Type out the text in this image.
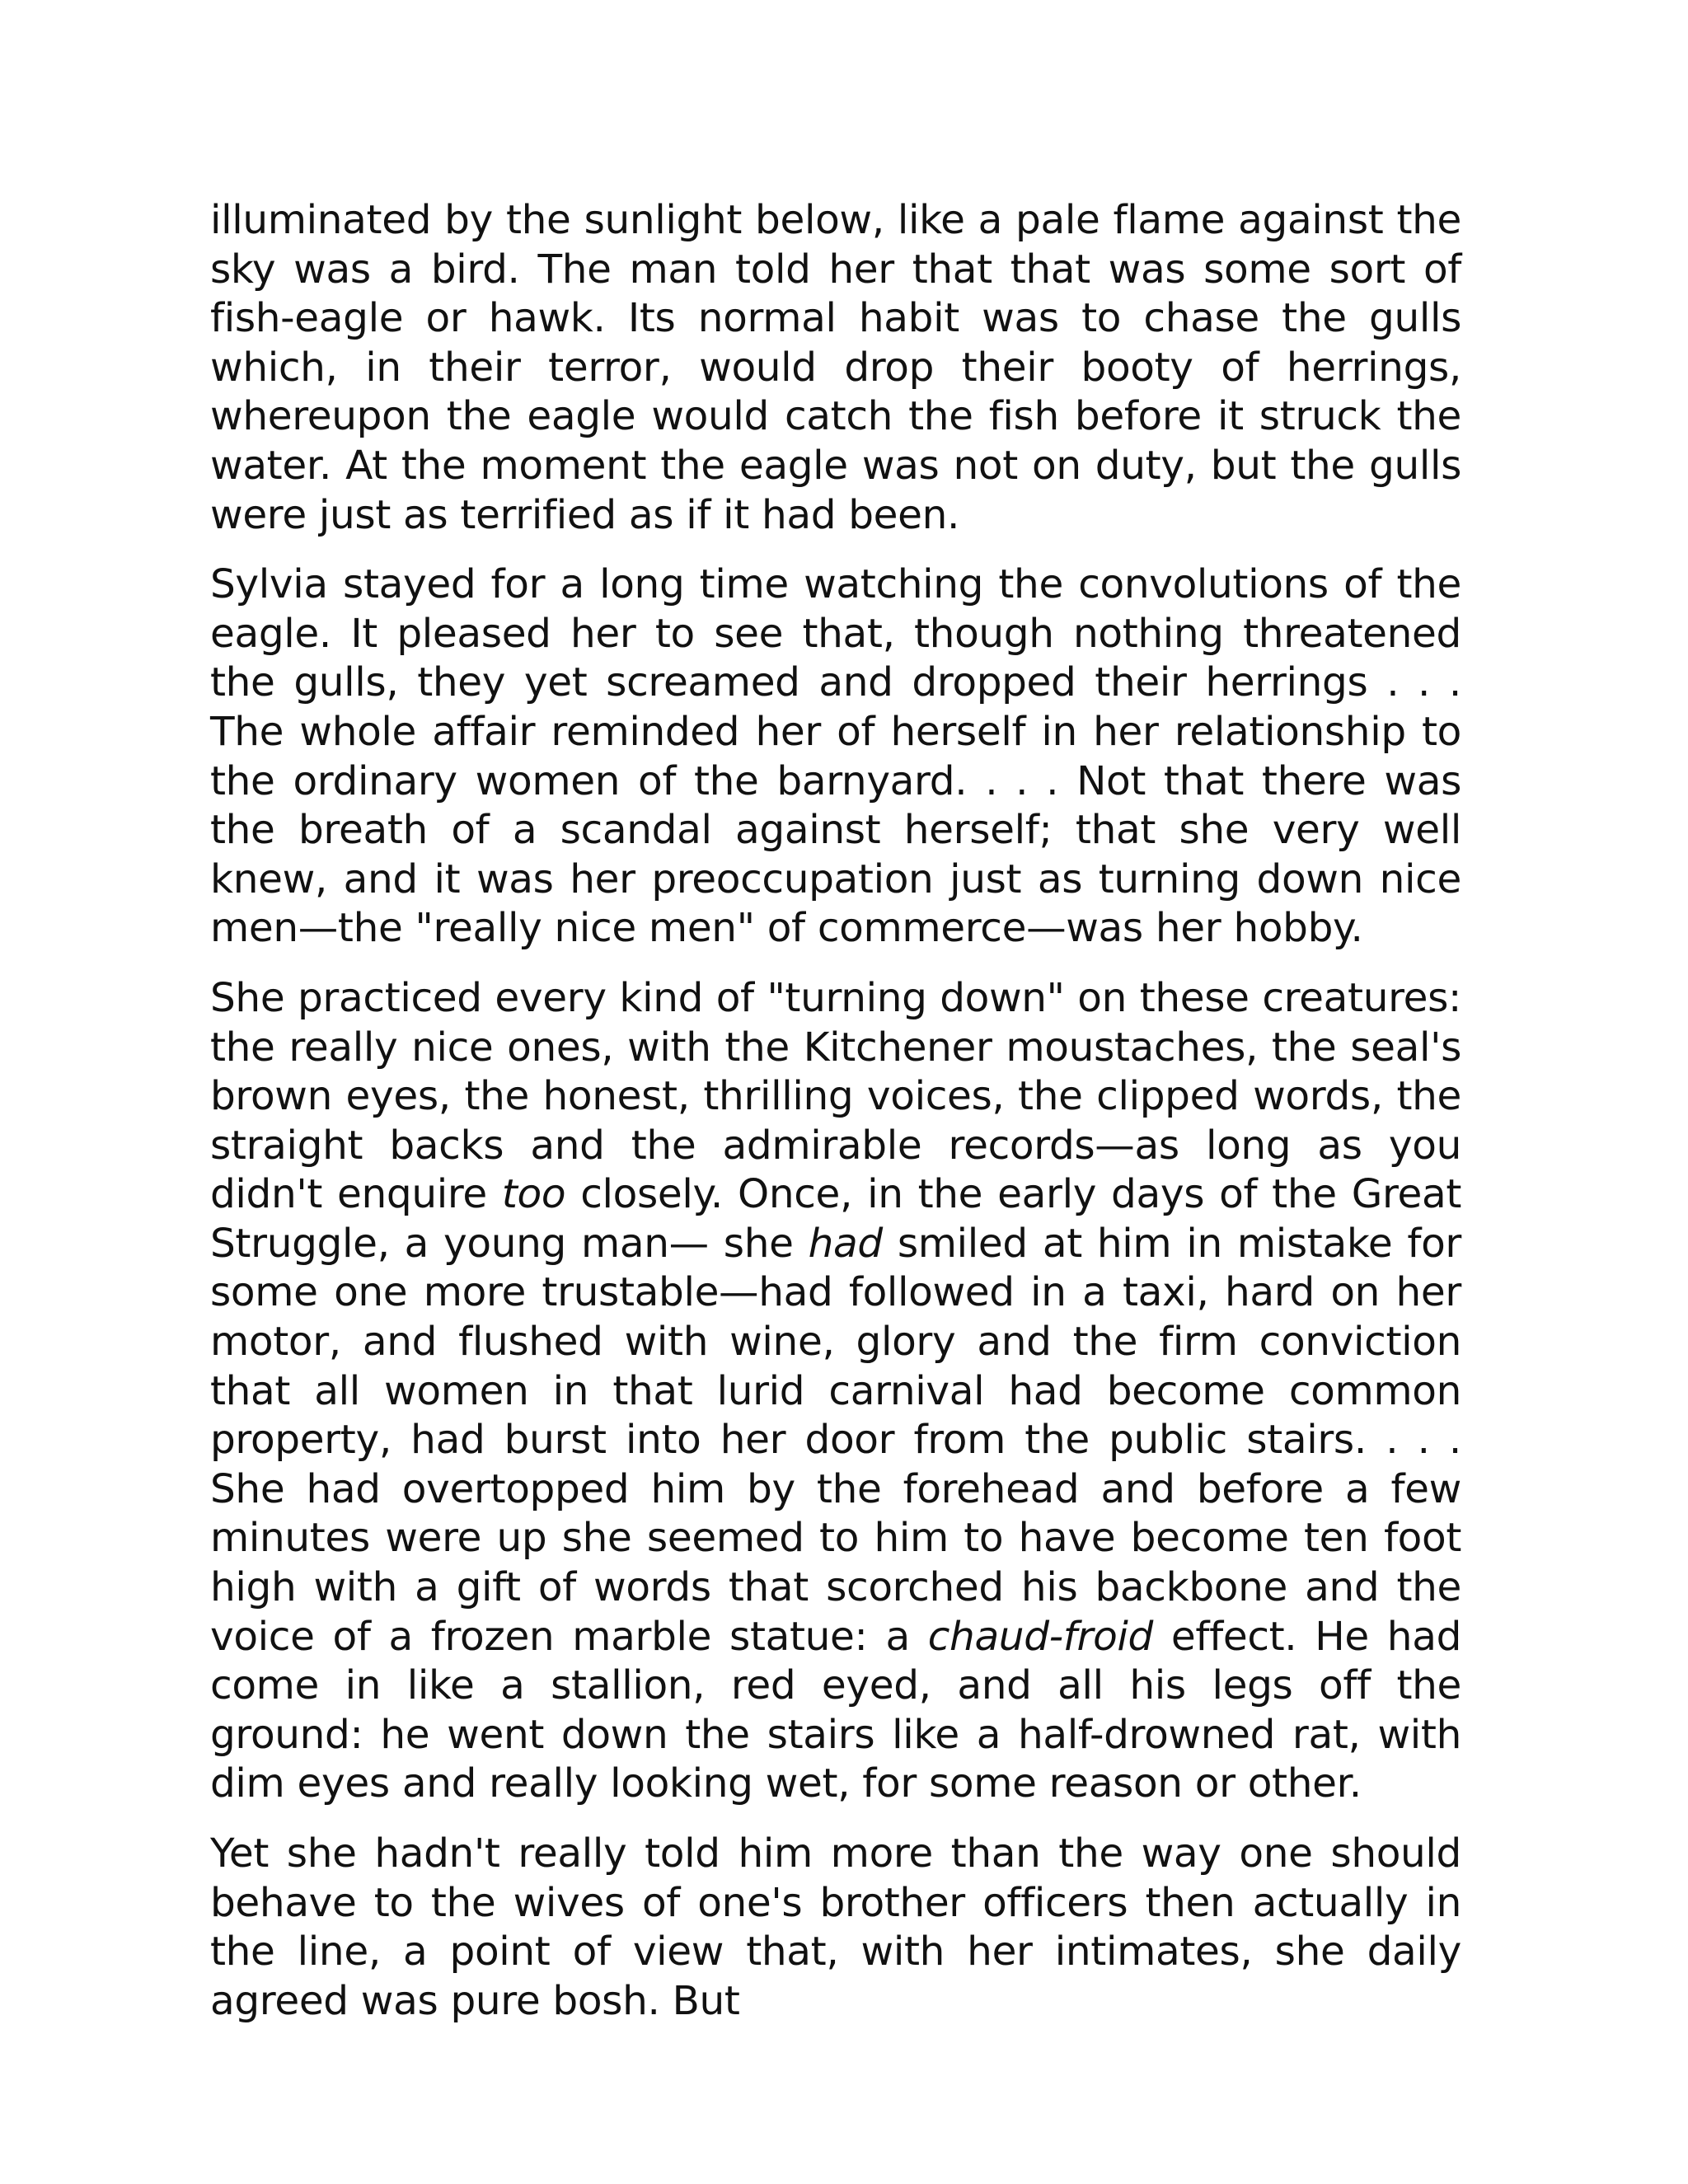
illuminated by the sunlight below, like a pale flame against the sky was a bird. The man told her that that was some sort of fish-eagle or hawk. Its normal habit was to chase the gulls which, in their terror, would drop their booty of herrings, whereupon the eagle would catch the fish before it struck the water. At the moment the eagle was not on duty, but the gulls were just as terrified as if it had been.

Sylvia stayed for a long time watching the convolutions of the eagle. It pleased her to see that, though nothing threatened the gulls, they yet screamed and dropped their herrings . . . The whole affair reminded her of herself in her relationship to the ordinary women of the barnyard. . . . Not that there was the breath of a scandal against herself; that she very well knew, and it was her preoccupation just as turning down nice men—the "really nice men" of commerce—was her hobby.

She practiced every kind of "turning down" on these creatures: the really nice ones, with the Kitchener moustaches, the seal's brown eyes, the honest, thrilling voices, the clipped words, the straight backs and the admirable records—as long as you didn't enquire too closely. Once, in the early days of the Great Struggle, a young man— she had smiled at him in mistake for some one more trustable—had followed in a taxi, hard on her motor, and flushed with wine, glory and the firm conviction that all women in that lurid carnival had become common property, had burst into her door from the public stairs. . . . She had overtopped him by the forehead and before a few minutes were up she seemed to him to have become ten foot high with a gift of words that scorched his backbone and the voice of a frozen marble statue: a chaud-froid effect. He had come in like a stallion, red eyed, and all his legs off the ground: he went down the stairs like a half-drowned rat, with dim eyes and really looking wet, for some reason or other.

Yet she hadn't really told him more than the way one should behave to the wives of one's brother officers then actually in the line, a point of view that, with her intimates, she daily agreed was pure bosh. But
